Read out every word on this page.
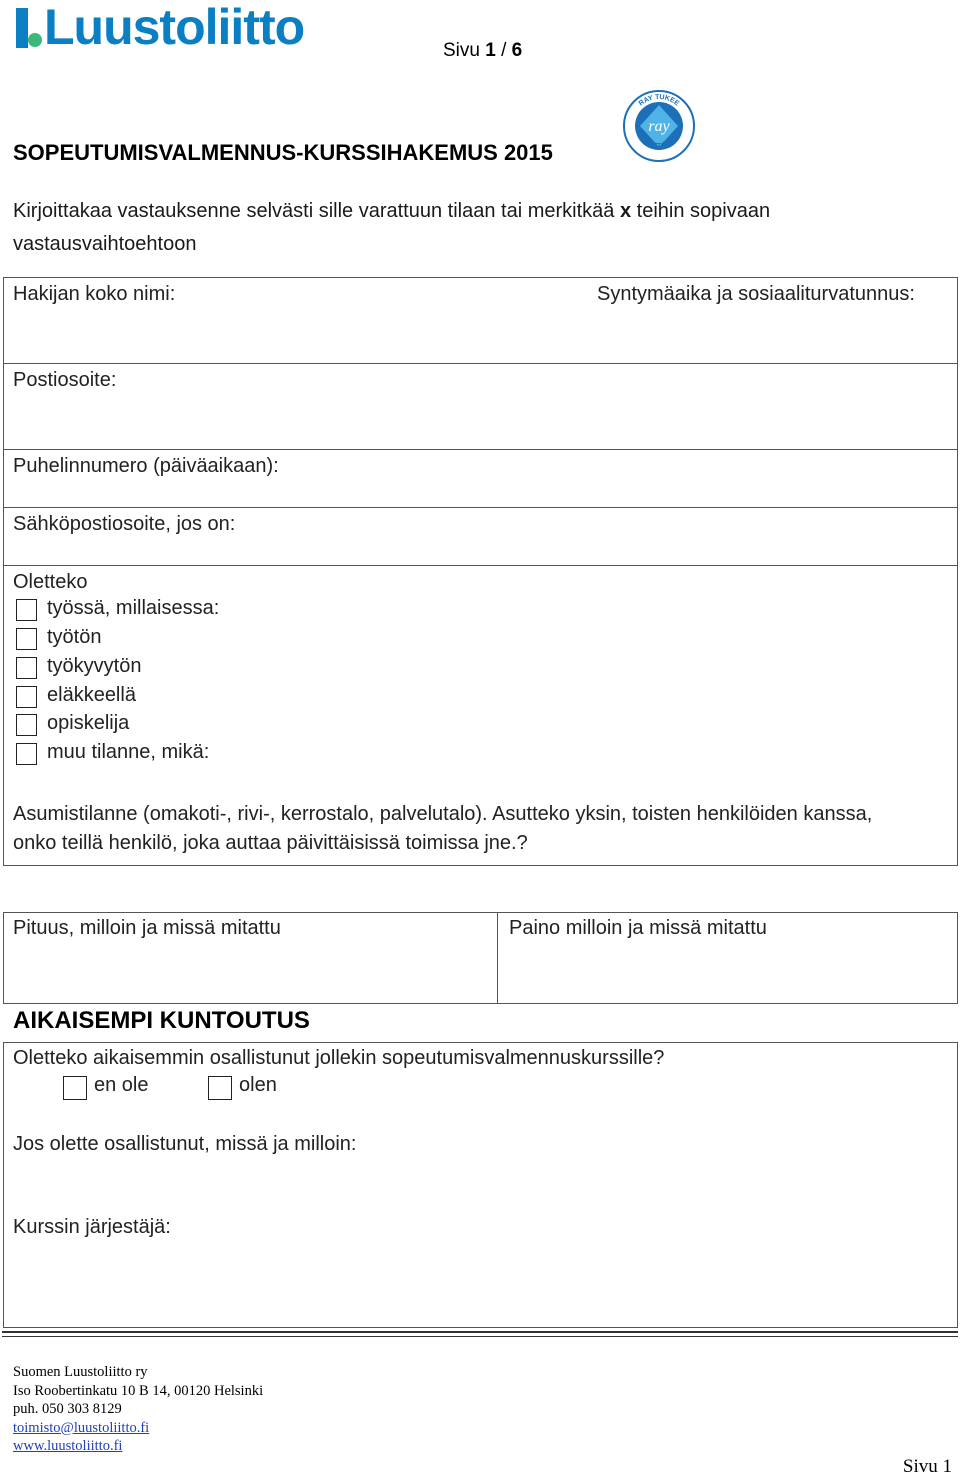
Luustoliitto	Sivu 1 / 6
RAY TUKEE
RAY STÖDER
ray
SOPEUTUMISVALMENNUS-KURSSIHAKEMUS 2015
Kirjoittakaa vastauksenne selvästi sille varattuun tilaan tai merkitkää x teihin sopivaan vastausvaihtoehtoon
Hakijan koko nimi:	Syntymäaika ja sosiaaliturvatunnus:
Postiosoite:
Puhelinnumero (päiväaikaan):
Sähköpostiosoite, jos on:
Oletteko
työssä, millaisessa:
työtön
työkyvytön
eläkkeellä
opiskelija
muu tilanne, mikä:
Asumistilanne (omakoti-, rivi-, kerrostalo, palvelutalo). Asutteko yksin, toisten henkilöiden kanssa, onko teillä henkilö, joka auttaa päivittäisissä toimissa jne.?
Pituus, milloin ja missä mitattu	Paino milloin ja missä mitattu
AIKAISEMPI KUNTOUTUS
Oletteko aikaisemmin osallistunut jollekin sopeutumisvalmennuskurssille?
en ole	olen
Jos olette osallistunut, missä ja milloin:
Kurssin järjestäjä:
Suomen Luustoliitto ry
Iso Roobertinkatu 10 B 14, 00120 Helsinki
puh. 050 303 8129
toimisto@luustoliitto.fi
www.luustoliitto.fi
Sivu 1
